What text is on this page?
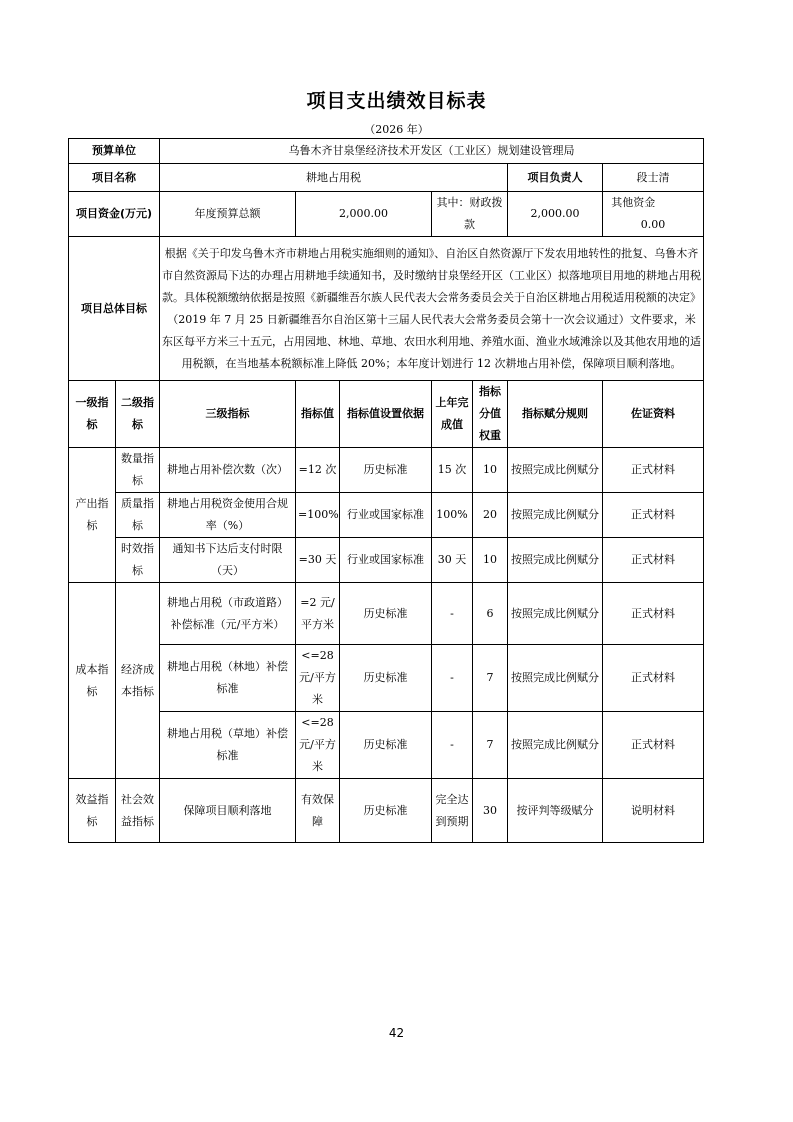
项目支出绩效目标表
（2026 年）
预算单位		乌鲁木齐甘泉堡经济技术开发区（工业区）规划建设管理局						
项目名称		耕地占用税					项目负责人	段士清
项目资金(万元)		年度预算总额	2,000.00		其中：财政拨款		2,000.00	其他资金  0.00
项目总体目标		根据《关于印发乌鲁木齐市耕地占用税实施细则的通知》、自治区自然资源厅下发农用地转性的批复、乌鲁木齐市自然资源局下达的办理占用耕地手续通知书，及时缴纳甘泉堡经开区（工业区）拟落地项目用地的耕地占用税款。具体税额缴纳依据是按照《新疆维吾尔族人民代表大会常务委员会关于自治区耕地占用税适用税额的决定》（2019 年 7 月 25 日新疆维吾尔自治区第十三届人民代表大会常务委员会第十一次会议通过）文件要求，米东区每平方米三十五元，占用园地、林地、草地、农田水利用地、养殖水面、渔业水域滩涂以及其他农用地的适用税额，在当地基本税额标准上降低 20%；本年度计划进行 12 次耕地占用补偿，保障项目顺利落地。						
一级指标	二级指标	三级指标	指标值	指标值设置依据	上年完成值	指标分值权重	指标赋分规则	佐证资料
产出指标	数量指标	耕地占用补偿次数（次）	=12 次	历史标准	15 次	10	按照完成比例赋分	正式材料
	质量指标	耕地占用税资金使用合规率（%）	=100%	行业或国家标准	100%	20	按照完成比例赋分	正式材料
	时效指标	通知书下达后支付时限（天）	=30 天	行业或国家标准	30 天	10	按照完成比例赋分	正式材料
成本指标	经济成本指标	耕地占用税（市政道路）补偿标准（元/平方米）	=2 元/平方米	历史标准	-	6	按照完成比例赋分	正式材料
		耕地占用税（林地）补偿标准	<=28 元/平方米	历史标准	-	7	按照完成比例赋分	正式材料
		耕地占用税（草地）补偿标准	<=28 元/平方米	历史标准	-	7	按照完成比例赋分	正式材料
效益指标	社会效益指标	保障项目顺利落地	有效保障	历史标准	完全达到预期	30	按评判等级赋分	说明材料
42
